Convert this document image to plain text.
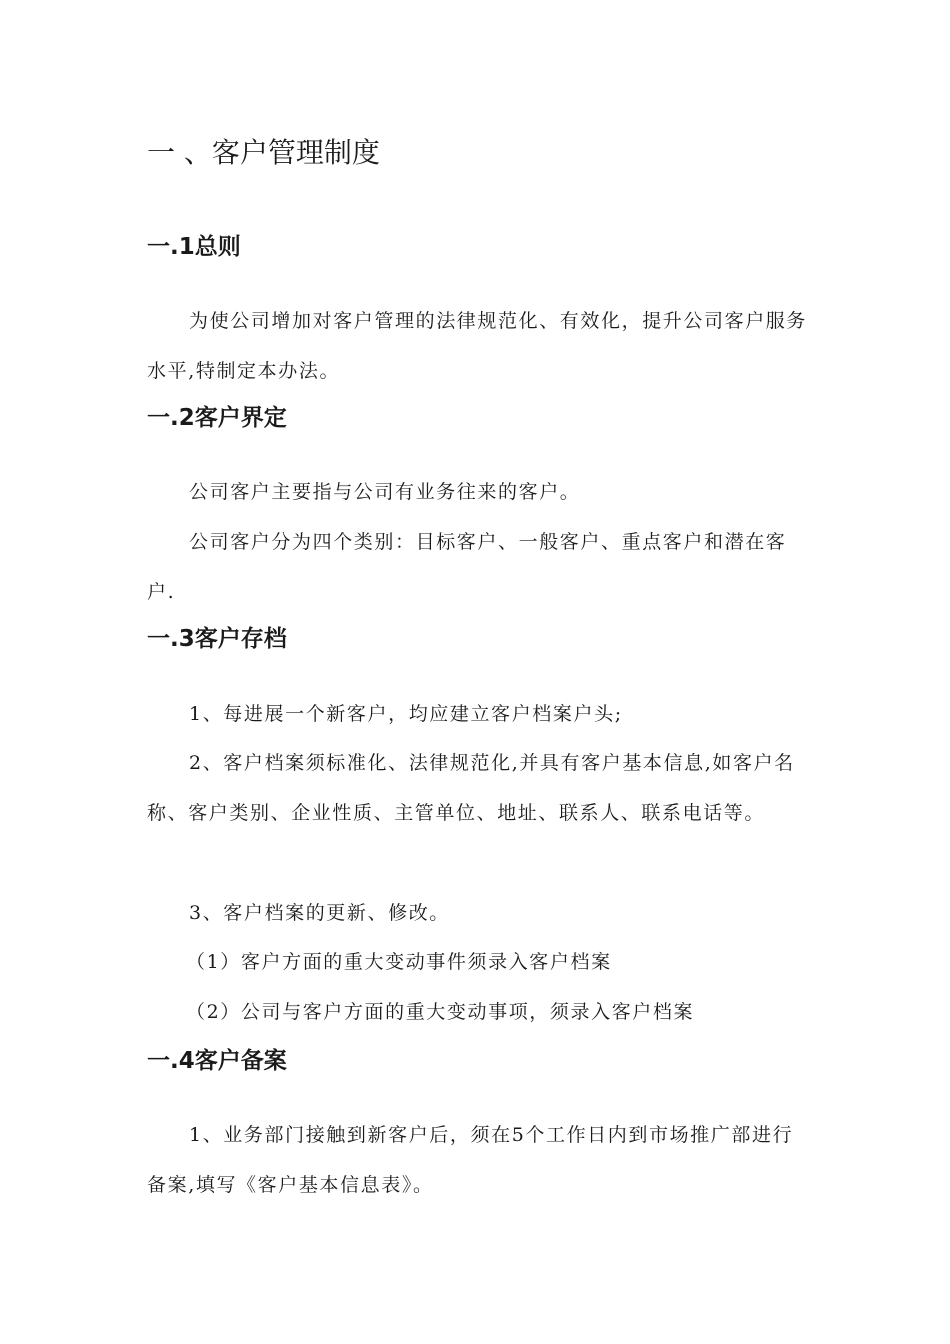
一 、客户管理制度
一.1总则
为使公司增加对客户管理的法律规范化、有效化，提升公司客户服务水平,特制定本办法。
一.2客户界定
公司客户主要指与公司有业务往来的客户。
公司客户分为四个类别：目标客户、一般客户、重点客户和潜在客户.
一.3客户存档
1、每进展一个新客户，均应建立客户档案户头;
2、客户档案须标准化、法律规范化,并具有客户基本信息,如客户名称、客户类别、企业性质、主管单位、地址、联系人、联系电话等。
3、客户档案的更新、修改。
（1）客户方面的重大变动事件须录入客户档案
（2）公司与客户方面的重大变动事项，须录入客户档案
一.4客户备案
1、业务部门接触到新客户后，须在5个工作日内到市场推广部进行备案,填写《客户基本信息表》。
